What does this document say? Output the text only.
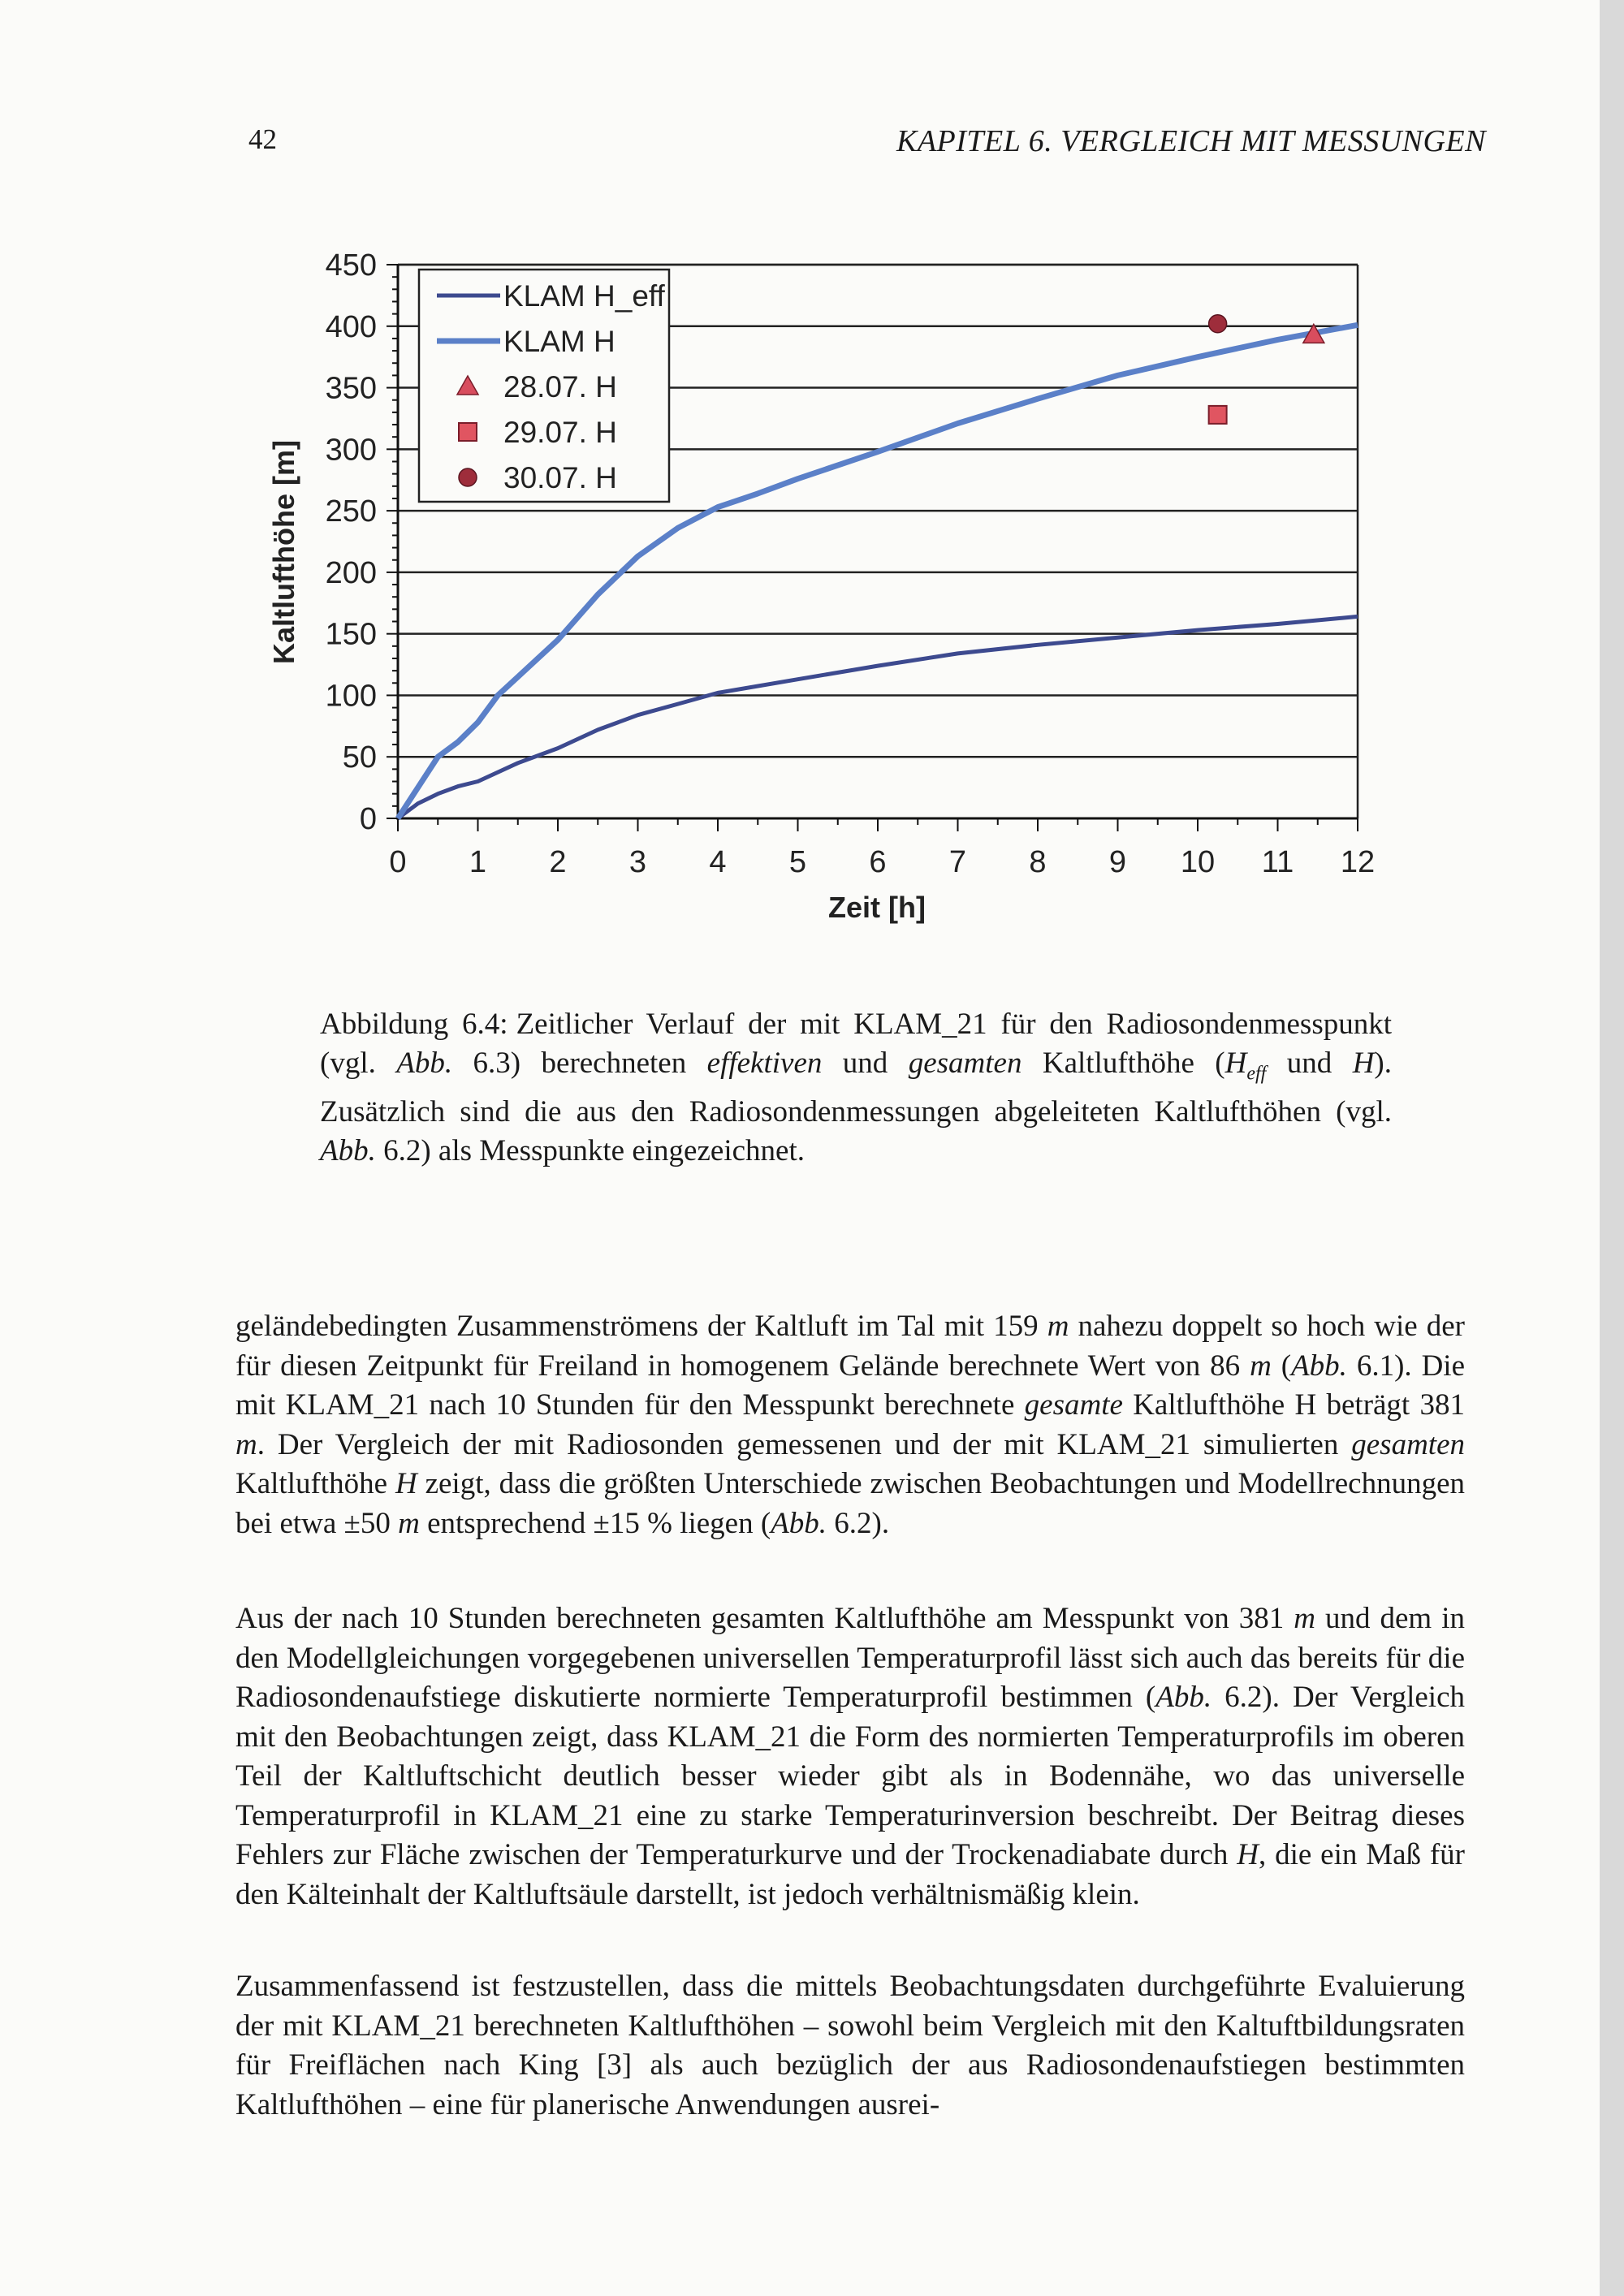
42	KAPITEL 6. VERGLEICH MIT MESSUNGEN
0
50
100
150
200
250
300
350
400
450
0 1 2 3 4 5 6 7 8 9 10 11 12
Zeit [h]
Kaltlufthöhe [m]
KLAM H_eff
KLAM H
28.07. H
29.07. H
30.07. H
Abbildung 6.4: Zeitlicher Verlauf der mit KLAM_21 für den Radiosondenmesspunkt (vgl. Abb. 6.3) berechneten effektiven und gesamten Kaltlufthöhe ($H_{eff}$ und H). Zusätzlich sind die aus den Radiosondenmessungen abgeleiteten Kaltlufthöhen (vgl. Abb. 6.2) als Messpunkte eingezeichnet.

geländebedingten Zusammenströmens der Kaltluft im Tal mit 159 m nahezu doppelt so hoch wie der für diesen Zeitpunkt für Freiland in homogenem Gelände berechnete Wert von 86 m (Abb. 6.1). Die mit KLAM_21 nach 10 Stunden für den Messpunkt berechnete gesamte Kaltlufthöhe H beträgt 381 m. Der Vergleich der mit Radiosonden gemessenen und der mit KLAM_21 simulierten gesamten Kaltlufthöhe H zeigt, dass die größten Unterschiede zwischen Beobachtungen und Modellrechnungen bei etwa ±50 m entsprechend ±15 % liegen (Abb. 6.2).

Aus der nach 10 Stunden berechneten gesamten Kaltlufthöhe am Messpunkt von 381 m und dem in den Modellgleichungen vorgegebenen universellen Temperaturprofil lässt sich auch das bereits für die Radiosondenaufstiege diskutierte normierte Temperaturprofil bestimmen (Abb. 6.2). Der Vergleich mit den Beobachtungen zeigt, dass KLAM_21 die Form des normierten Temperaturprofils im oberen Teil der Kaltluftschicht deutlich besser wieder gibt als in Bodennähe, wo das universelle Temperaturprofil in KLAM_21 eine zu starke Temperaturinversion beschreibt. Der Beitrag dieses Fehlers zur Fläche zwischen der Temperaturkurve und der Trockenadiabate durch H, die ein Maß für den Kälteinhalt der Kaltluftsäule darstellt, ist jedoch verhältnismäßig klein.

Zusammenfassend ist festzustellen, dass die mittels Beobachtungsdaten durchgeführte Evaluierung der mit KLAM_21 berechneten Kaltlufthöhen – sowohl beim Vergleich mit den Kaltuftbildungsraten für Freiflächen nach King [3] als auch bezüglich der aus Radiosondenaufstiegen bestimmten Kaltlufthöhen – eine für planerische Anwendungen ausrei-
